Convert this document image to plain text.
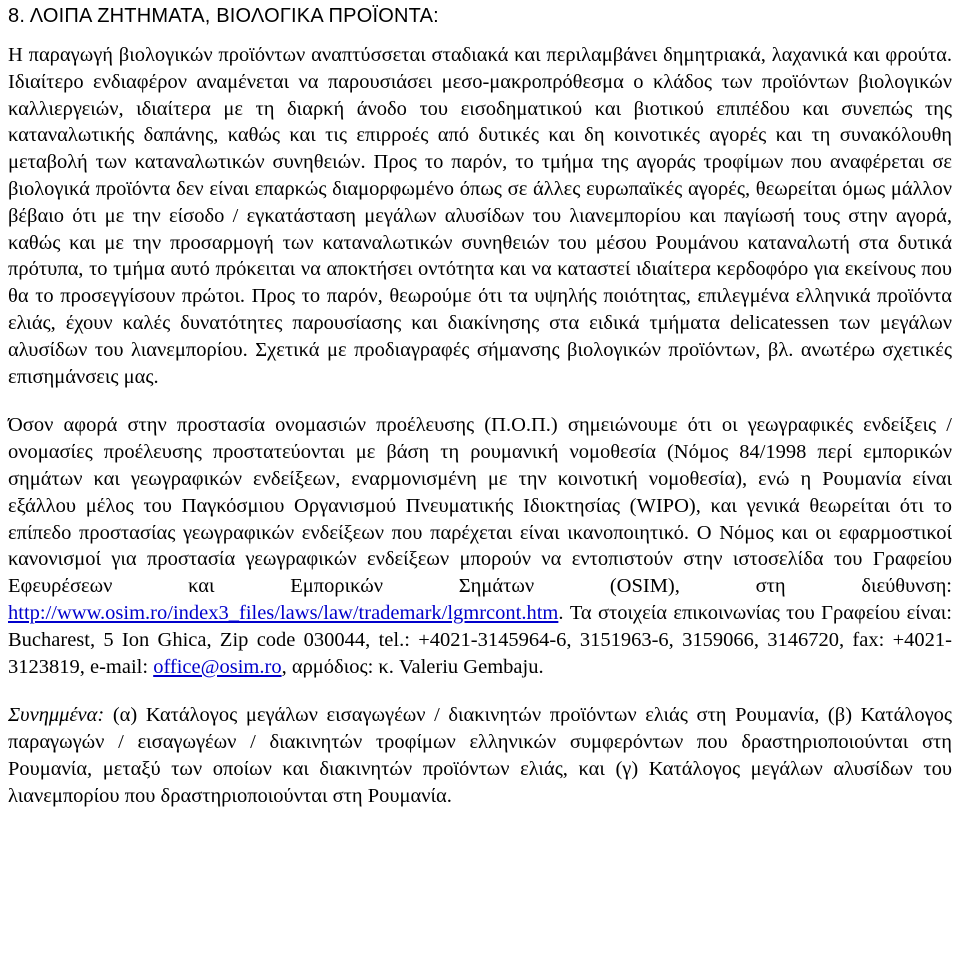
8. ΛΟΙΠΑ ΖΗΤΗΜΑΤΑ, ΒΙΟΛΟΓΙΚΑ ΠΡΟΪΟΝΤΑ:

Η παραγωγή βιολογικών προϊόντων αναπτύσσεται σταδιακά και περιλαμβάνει δημητριακά, λαχανικά και φρούτα. Ιδιαίτερο ενδιαφέρον αναμένεται να παρουσιάσει μεσο-μακροπρόθεσμα ο κλάδος των προϊόντων βιολογικών καλλιεργειών, ιδιαίτερα με τη διαρκή άνοδο του εισοδηματικού και βιοτικού επιπέδου και συνεπώς της καταναλωτικής δαπάνης, καθώς και τις επιρροές από δυτικές και δη κοινοτικές αγορές και τη συνακόλουθη μεταβολή των καταναλωτικών συνηθειών. Προς το παρόν, το τμήμα της αγοράς τροφίμων που αναφέρεται σε βιολογικά προϊόντα δεν είναι επαρκώς διαμορφωμένο όπως σε άλλες ευρωπαϊκές αγορές, θεωρείται όμως μάλλον βέβαιο ότι με την είσοδο / εγκατάσταση μεγάλων αλυσίδων του λιανεμπορίου και παγίωσή τους στην αγορά, καθώς και με την προσαρμογή των καταναλωτικών συνηθειών του μέσου Ρουμάνου καταναλωτή στα δυτικά πρότυπα, το τμήμα αυτό πρόκειται να αποκτήσει οντότητα και να καταστεί ιδιαίτερα κερδοφόρο για εκείνους που θα το προσεγγίσουν πρώτοι. Προς το παρόν, θεωρούμε ότι τα υψηλής ποιότητας, επιλεγμένα ελληνικά προϊόντα ελιάς, έχουν καλές δυνατότητες παρουσίασης και διακίνησης στα ειδικά τμήματα delicatessen των μεγάλων αλυσίδων του λιανεμπορίου. Σχετικά με προδιαγραφές σήμανσης βιολογικών προϊόντων, βλ. ανωτέρω σχετικές επισημάνσεις μας.

Όσον αφορά στην προστασία ονομασιών προέλευσης (Π.Ο.Π.) σημειώνουμε ότι οι γεωγραφικές ενδείξεις / ονομασίες προέλευσης προστατεύονται με βάση τη ρουμανική νομοθεσία (Νόμος 84/1998 περί εμπορικών σημάτων και γεωγραφικών ενδείξεων, εναρμονισμένη με την κοινοτική νομοθεσία), ενώ η Ρουμανία είναι εξάλλου μέλος του Παγκόσμιου Οργανισμού Πνευματικής Ιδιοκτησίας (WIPO), και γενικά θεωρείται ότι το επίπεδο προστασίας γεωγραφικών ενδείξεων που παρέχεται είναι ικανοποιητικό. Ο Νόμος και οι εφαρμοστικοί κανονισμοί για προστασία γεωγραφικών ενδείξεων μπορούν να εντοπιστούν στην ιστοσελίδα του Γραφείου Εφευρέσεων και Εμπορικών Σημάτων (OSIM), στη διεύθυνση: http://www.osim.ro/index3_files/laws/law/trademark/lgmrcont.htm. Τα στοιχεία επικοινωνίας του Γραφείου είναι: Bucharest, 5 Ion Ghica, Zip code 030044, tel.: +4021-3145964-6, 3151963-6, 3159066, 3146720, fax: +4021-3123819, e-mail: office@osim.ro, αρμόδιος: κ. Valeriu Gembaju.

Συνημμένα: (α) Κατάλογος μεγάλων εισαγωγέων / διακινητών προϊόντων ελιάς στη Ρουμανία, (β) Κατάλογος παραγωγών / εισαγωγέων / διακινητών τροφίμων ελληνικών συμφερόντων που δραστηριοποιούνται στη Ρουμανία, μεταξύ των οποίων και διακινητών προϊόντων ελιάς, και (γ) Κατάλογος μεγάλων αλυσίδων του λιανεμπορίου που δραστηριοποιούνται στη Ρουμανία.
